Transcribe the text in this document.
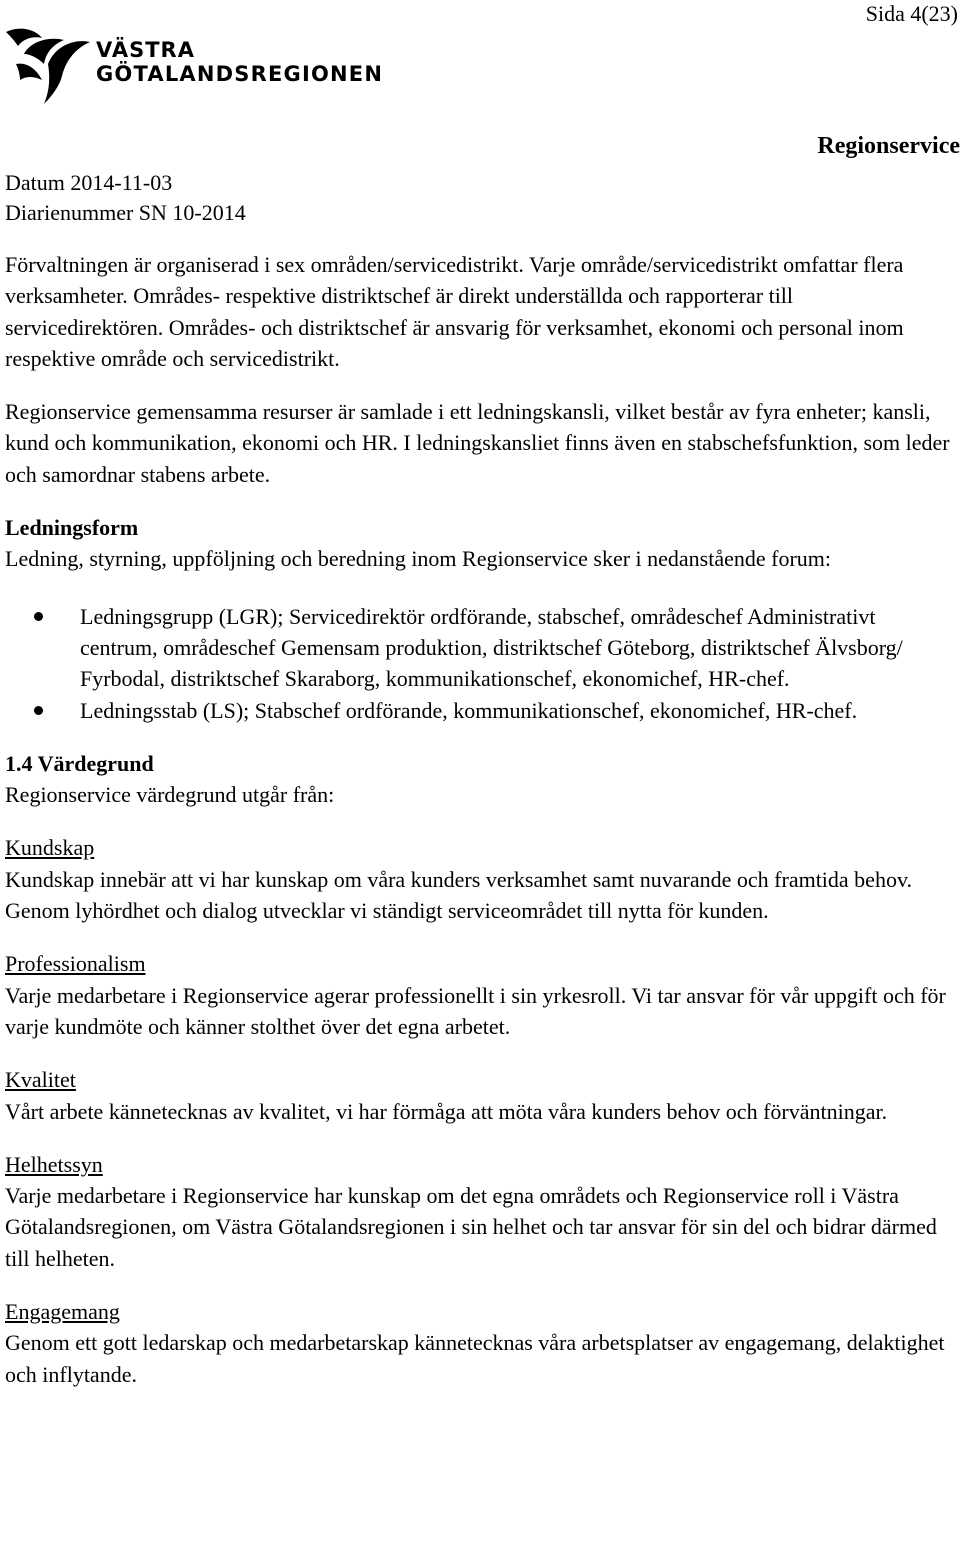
Sida 4(23)
VÄSTRA
GÖTALANDSREGIONEN
Regionservice
Datum 2014-11-03
Diarienummer SN 10-2014

Förvaltningen är organiserad i sex områden/servicedistrikt. Varje område/servicedistrikt omfattar flera verksamheter. Områdes- respektive distriktschef är direkt underställda och rapporterar till servicedirektören. Områdes- och distriktschef är ansvarig för verksamhet, ekonomi och personal inom respektive område och servicedistrikt.

Regionservice gemensamma resurser är samlade i ett ledningskansli, vilket består av fyra enheter; kansli, kund och kommunikation, ekonomi och HR. I ledningskansliet finns även en stabschefsfunktion, som leder och samordnar stabens arbete.

Ledningsform

Ledning, styrning, uppföljning och beredning inom Regionservice sker i nedanstående forum:

Ledningsgrupp (LGR); Servicedirektör ordförande, stabschef, områdeschef Administrativt centrum, områdeschef Gemensam produktion, distriktschef Göteborg, distriktschef Älvsborg/ Fyrbodal, distriktschef Skaraborg, kommunikationschef, ekonomichef, HR-chef.
Ledningsstab (LS); Stabschef ordförande, kommunikationschef, ekonomichef, HR-chef.

1.4 Värdegrund

Regionservice värdegrund utgår från:

Kundskap

Kundskap innebär att vi har kunskap om våra kunders verksamhet samt nuvarande och framtida behov. Genom lyhördhet och dialog utvecklar vi ständigt serviceområdet till nytta för kunden.

Professionalism

Varje medarbetare i Regionservice agerar professionellt i sin yrkesroll. Vi tar ansvar för vår uppgift och för varje kundmöte och känner stolthet över det egna arbetet.

Kvalitet

Vårt arbete kännetecknas av kvalitet, vi har förmåga att möta våra kunders behov och förväntningar.

Helhetssyn

Varje medarbetare i Regionservice har kunskap om det egna områdets och Regionservice roll i Västra Götalandsregionen, om Västra Götalandsregionen i sin helhet och tar ansvar för sin del och bidrar därmed till helheten.

Engagemang

Genom ett gott ledarskap och medarbetarskap kännetecknas våra arbetsplatser av engagemang, delaktighet och inflytande.
